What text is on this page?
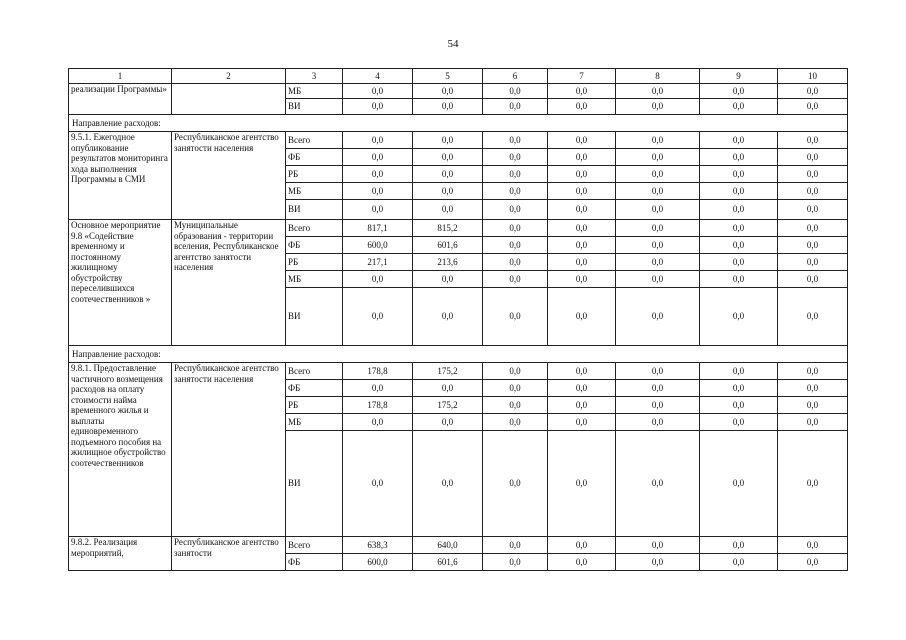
54
1	2	3	4	5	6	7	8	9	10
реализации Программы»		МБ	0,0	0,0	0,0	0,0	0,0	0,0	0,0
		ВИ	0,0	0,0	0,0	0,0	0,0	0,0	0,0
Направление расходов:									
9.5.1. Ежегодное опубликование результатов мониторинга хода выполнения Программы в СМИ	Республиканское агентство занятости населения	Всего	0,0	0,0	0,0	0,0	0,0	0,0	0,0
		ФБ	0,0	0,0	0,0	0,0	0,0	0,0	0,0
		РБ	0,0	0,0	0,0	0,0	0,0	0,0	0,0
		МБ	0,0	0,0	0,0	0,0	0,0	0,0	0,0
		ВИ	0,0	0,0	0,0	0,0	0,0	0,0	0,0
Основное мероприятие 9.8 «Содействие временному и постоянному жилищному обустройству переселившихся соотечественников »	Муниципальные образования - территории вселения, Республиканское агентство занятости населения	Всего	817,1	815,2	0,0	0,0	0,0	0,0	0,0
		ФБ	600,0	601,6	0,0	0,0	0,0	0,0	0,0
		РБ	217,1	213,6	0,0	0,0	0,0	0,0	0,0
		МБ	0,0	0,0	0,0	0,0	0,0	0,0	0,0
		ВИ	0,0	0,0	0,0	0,0	0,0	0,0	0,0
Направление расходов:									
9.8.1. Предоставление частичного возмещения расходов на оплату стоимости найма временного жилья и выплаты единовременного подъемного пособия на жилищное обустройство соотечественников	Республиканское агентство занятости населения	Всего	178,8	175,2	0,0	0,0	0,0	0,0	0,0
		ФБ	0,0	0,0	0,0	0,0	0,0	0,0	0,0
		РБ	178,8	175,2	0,0	0,0	0,0	0,0	0,0
		МБ	0,0	0,0	0,0	0,0	0,0	0,0	0,0
		ВИ	0,0	0,0	0,0	0,0	0,0	0,0	0,0
9.8.2. Реализация мероприятий,	Республиканское агентство занятости	Всего	638,3	640,0	0,0	0,0	0,0	0,0	0,0
		ФБ	600,0	601,6	0,0	0,0	0,0	0,0	0,0
